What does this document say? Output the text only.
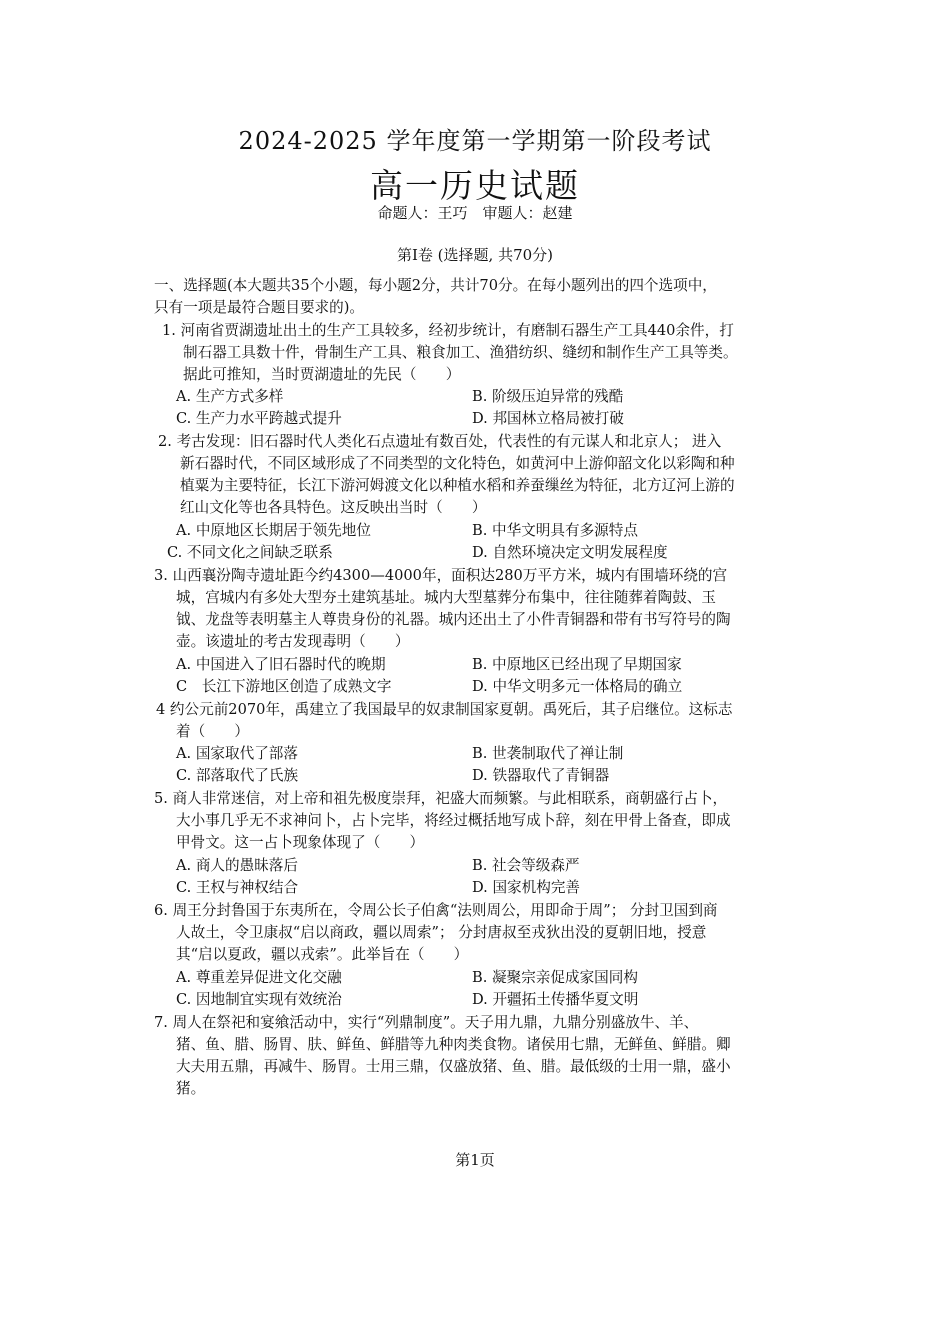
2024-2025 学年度第一学期第一阶段考试
高一历史试题
命题人：王巧　审题人：赵建
第Ⅰ卷 (选择题, 共70分)
一、选择题(本大题共35个小题，每小题2分，共计70分。在每小题列出的四个选项中，
只有一项是最符合题目要求的)。
1. 河南省贾湖遗址出土的生产工具较多，经初步统计，有磨制石器生产工具440余件，打
制石器工具数十件，骨制生产工具、粮食加工、渔猎纺织、缝纫和制作生产工具等类。
据此可推知，当时贾湖遗址的先民（　　）
A. 生产方式多样	B. 阶级压迫异常的残酷
C. 生产力水平跨越式提升	D. 邦国林立格局被打破
2. 考古发现：旧石器时代人类化石点遗址有数百处，代表性的有元谋人和北京人； 进入
新石器时代，不同区域形成了不同类型的文化特色，如黄河中上游仰韶文化以彩陶和种
植粟为主要特征，长江下游河姆渡文化以种植水稻和养蚕缫丝为特征，北方辽河上游的
红山文化等也各具特色。这反映出当时（　　）
A. 中原地区长期居于领先地位	B. 中华文明具有多源特点
C. 不同文化之间缺乏联系	D. 自然环境决定文明发展程度
3. 山西襄汾陶寺遗址距今约4300—4000年，面积达280万平方米，城内有围墙环绕的宫
城，宫城内有多处大型夯土建筑基址。城内大型墓葬分布集中，往往随葬着陶鼓、玉
钺、龙盘等表明墓主人尊贵身份的礼器。城内还出土了小件青铜器和带有书写符号的陶
壶。该遗址的考古发现毒明（　　）
A. 中国进入了旧石器时代的晚期	B. 中原地区已经出现了早期国家
C　长江下游地区创造了成熟文字	D. 中华文明多元一体格局的确立
4 约公元前2070年，禹建立了我国最早的奴隶制国家夏朝。禹死后，其子启继位。这标志
着（　　）
A. 国家取代了部落	B. 世袭制取代了禅让制
C. 部落取代了氏族	D. 铁器取代了青铜器
5. 商人非常迷信，对上帝和祖先极度崇拜，祀盛大而频繁。与此相联系，商朝盛行占卜，
大小事几乎无不求神问卜，占卜完毕，将经过概括地写成卜辞，刻在甲骨上备查，即成
甲骨文。这一占卜现象体现了（　　）
A. 商人的愚昧落后	B. 社会等级森严
C. 王权与神权结合	D. 国家机构完善
6. 周王分封鲁国于东夷所在，令周公长子伯禽“法则周公，用即命于周”； 分封卫国到商
人故土，令卫康叔“启以商政，疆以周索”； 分封唐叔至戎狄出没的夏朝旧地，授意
其“启以夏政，疆以戎索”。此举旨在（　　）
A. 尊重差异促进文化交融	B. 凝聚宗亲促成家国同构
C. 因地制宜实现有效统治	D. 开疆拓土传播华夏文明
7. 周人在祭祀和宴飨活动中，实行“列鼎制度”。天子用九鼎，九鼎分别盛放牛、羊、
猪、鱼、腊、肠胃、肤、鲜鱼、鲜腊等九种肉类食物。诸侯用七鼎，无鲜鱼、鲜腊。卿
大夫用五鼎，再减牛、肠胃。士用三鼎，仅盛放猪、鱼、腊。最低级的士用一鼎，盛小
猪。
第1页
